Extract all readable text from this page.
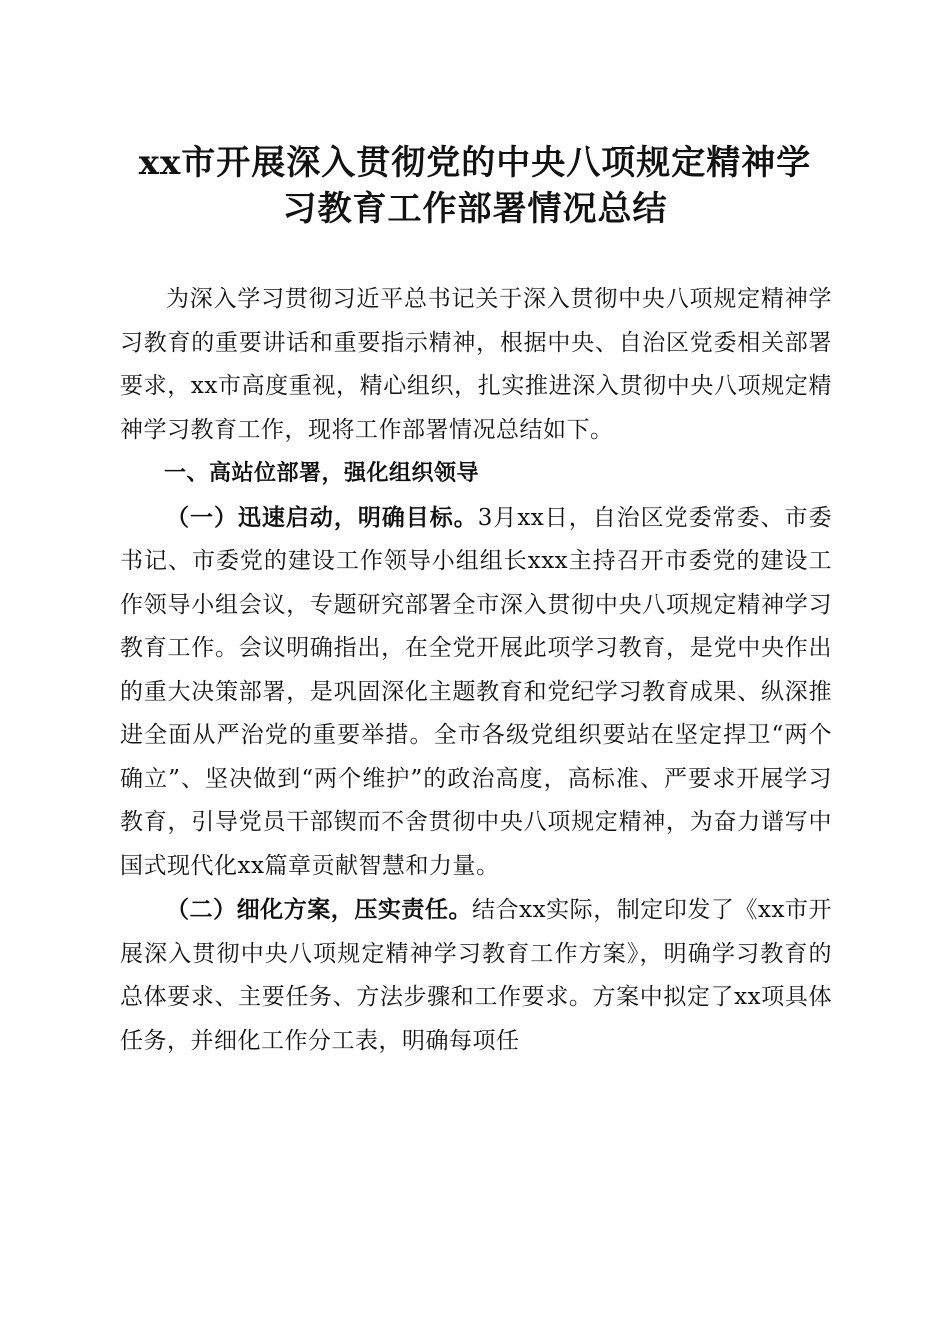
xx市开展深入贯彻党的中央八项规定精神学
习教育工作部署情况总结

为深入学习贯彻习近平总书记关于深入贯彻中央八项规定精神学习教育的重要讲话和重要指示精神，根据中央、自治区党委相关部署要求，xx市高度重视，精心组织，扎实推进深入贯彻中央八项规定精神学习教育工作，现将工作部署情况总结如下。

一、高站位部署，强化组织领导

（一）迅速启动，明确目标。3月xx日，自治区党委常委、市委书记、市委党的建设工作领导小组组长xxx主持召开市委党的建设工作领导小组会议，专题研究部署全市深入贯彻中央八项规定精神学习教育工作。会议明确指出，在全党开展此项学习教育，是党中央作出的重大决策部署，是巩固深化主题教育和党纪学习教育成果、纵深推进全面从严治党的重要举措。全市各级党组织要站在坚定捍卫“两个确立”、坚决做到“两个维护”的政治高度，高标准、严要求开展学习教育，引导党员干部锲而不舍贯彻中央八项规定精神，为奋力谱写中国式现代化xx篇章贡献智慧和力量。

（二）细化方案，压实责任。结合xx实际，制定印发了《xx市开展深入贯彻中央八项规定精神学习教育工作方案》，明确学习教育的总体要求、主要任务、方法步骤和工作要求。方案中拟定了xx项具体任务，并细化工作分工表，明确每项任
